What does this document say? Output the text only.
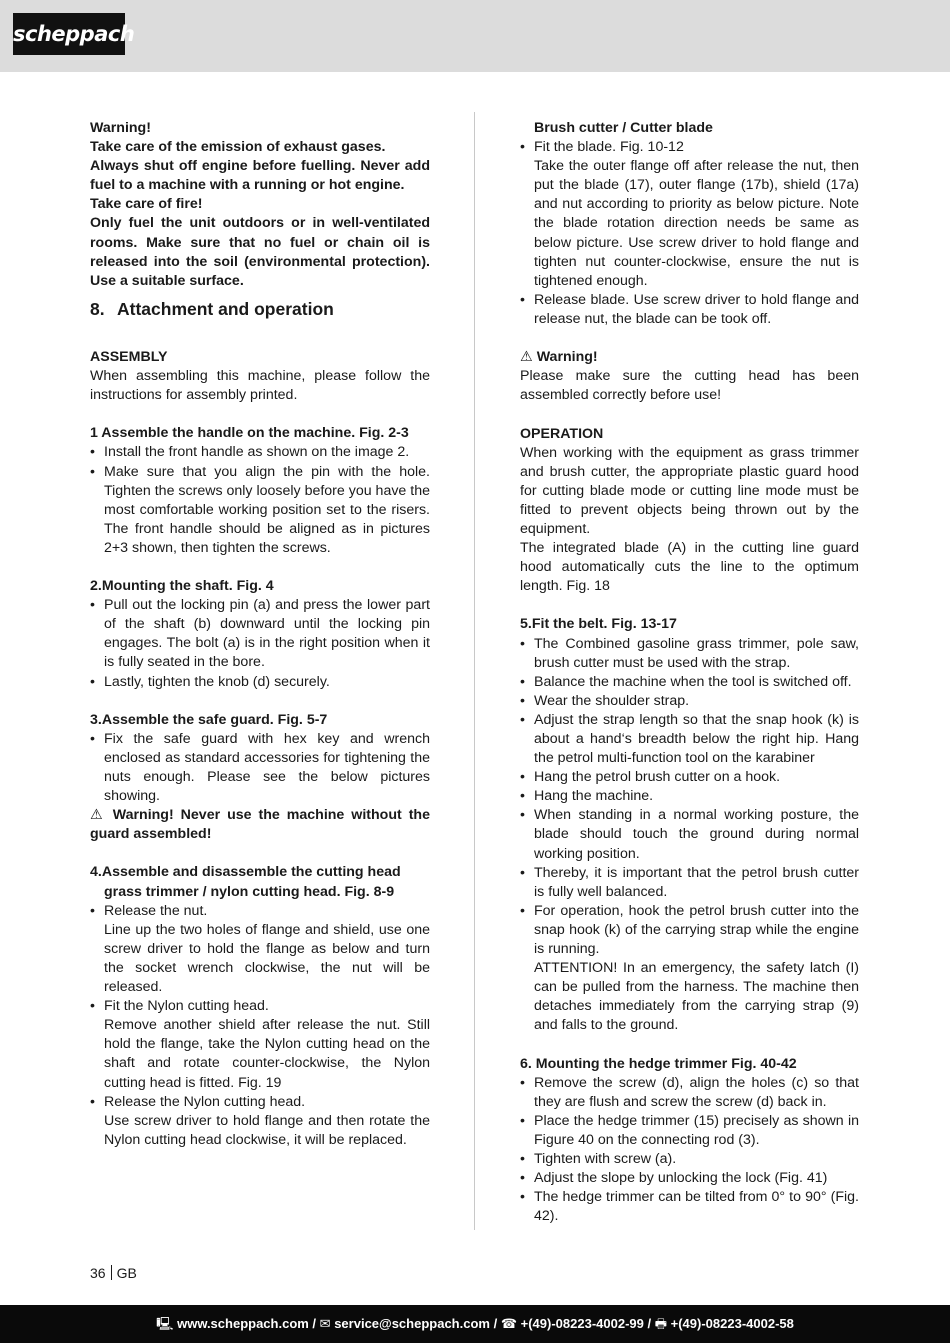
scheppach
Warning!
Take care of the emission of exhaust gases.
Always shut off engine before fuelling. Never add fuel to a machine with a running or hot engine.
Take care of fire!
Only fuel the unit outdoors or in well-ventilated rooms. Make sure that no fuel or chain oil is released into the soil (environmental protection). Use a suitable surface.
8. Attachment and operation
ASSEMBLY
When assembling this machine, please follow the instructions for assembly printed.
1 Assemble the handle on the machine. Fig. 2-3
• Install the front handle as shown on the image 2.
• Make sure that you align the pin with the hole. Tighten the screws only loosely before you have the most comfortable working position set to the risers. The front handle should be aligned as in pictures 2+3 shown, then tighten the screws.
2.Mounting the shaft. Fig. 4
• Pull out the locking pin (a) and press the lower part of the shaft (b) downward until the locking pin engages. The bolt (a) is in the right position when it is fully seated in the bore.
• Lastly, tighten the knob (d) securely.
3.Assemble the safe guard. Fig. 5-7
• Fix the safe guard with hex key and wrench enclosed as standard accessories for tightening the nuts enough. Please see the below pictures showing.
⚠ Warning! Never use the machine without the guard assembled!
4.Assemble and disassemble the cutting head grass trimmer / nylon cutting head. Fig. 8-9
• Release the nut.
Line up the two holes of flange and shield, use one screw driver to hold the flange as below and turn the socket wrench clockwise, the nut will be released.
• Fit the Nylon cutting head.
Remove another shield after release the nut. Still hold the flange, take the Nylon cutting head on the shaft and rotate counter-clockwise, the Nylon cutting head is fitted. Fig. 19
• Release the Nylon cutting head.
Use screw driver to hold flange and then rotate the Nylon cutting head clockwise, it will be replaced.
Brush cutter / Cutter blade
• Fit the blade. Fig. 10-12
Take the outer flange off after release the nut, then put the blade (17), outer flange (17b), shield (17a) and nut according to priority as below picture. Note the blade rotation direction needs be same as below picture. Use screw driver to hold flange and tighten nut counter-clockwise, ensure the nut is tightened enough.
• Release blade. Use screw driver to hold flange and release nut, the blade can be took off.
⚠ Warning!
Please make sure the cutting head has been assembled correctly before use!
OPERATION
When working with the equipment as grass trimmer and brush cutter, the appropriate plastic guard hood for cutting blade mode or cutting line mode must be fitted to prevent objects being thrown out by the equipment.
The integrated blade (A) in the cutting line guard hood automatically cuts the line to the optimum length. Fig. 18
5.Fit the belt. Fig. 13-17
• The Combined gasoline grass trimmer, pole saw, brush cutter must be used with the strap.
• Balance the machine when the tool is switched off.
• Wear the shoulder strap.
• Adjust the strap length so that the snap hook (k) is about a hand‘s breadth below the right hip. Hang the petrol multi-function tool on the karabiner
• Hang the petrol brush cutter on a hook.
• Hang the machine.
• When standing in a normal working posture, the blade should touch the ground during normal working position.
• Thereby, it is important that the petrol brush cutter is fully well balanced.
• For operation, hook the petrol brush cutter into the snap hook (k) of the carrying strap while the engine is running.
ATTENTION! In an emergency, the safety latch (I) can be pulled from the harness. The machine then detaches immediately from the carrying strap (9) and falls to the ground.
6. Mounting the hedge trimmer Fig. 40-42
• Remove the screw (d), align the holes (c) so that they are flush and screw the screw (d) back in.
• Place the hedge trimmer (15) precisely as shown in Figure 40 on the connecting rod (3).
• Tighten with screw (a).
• Adjust the slope by unlocking the lock (Fig. 41)
• The hedge trimmer can be tilted from 0° to 90° (Fig. 42).
36 GB
🖳 www.scheppach.com / ✉ service@scheppach.com / ☎ +(49)-08223-4002-99 / 🖶 +(49)-08223-4002-58
